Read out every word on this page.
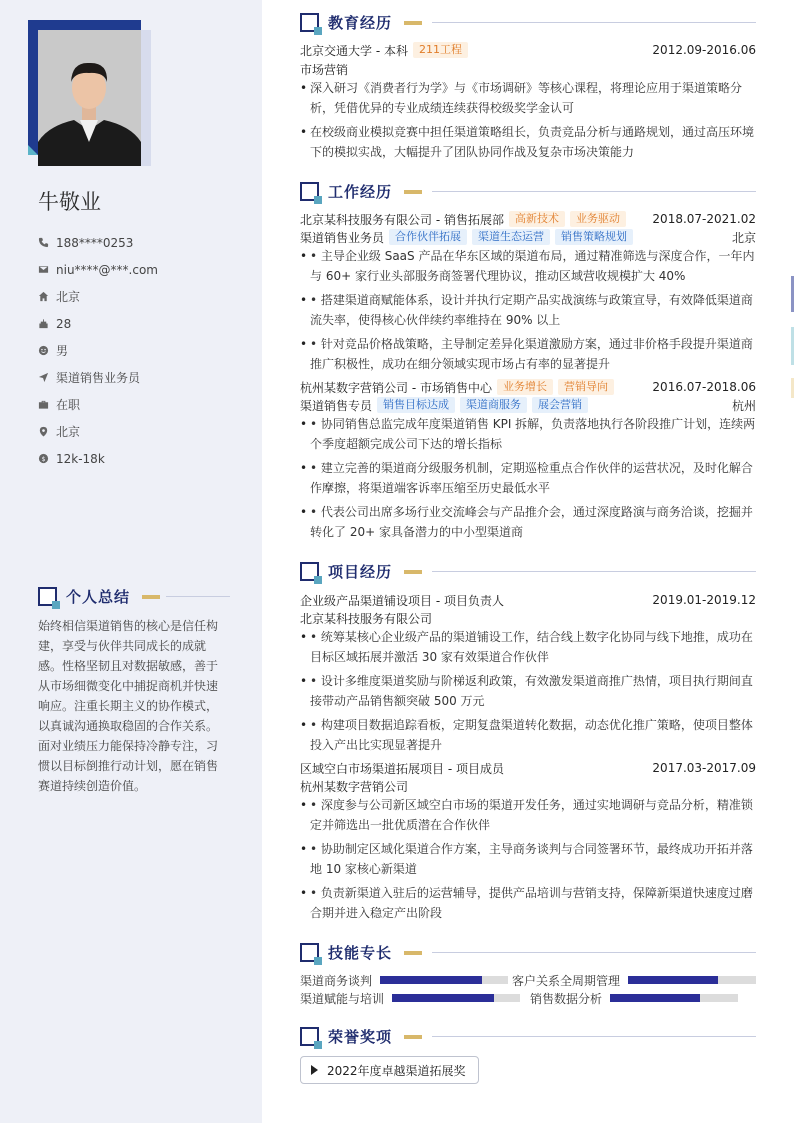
牛敬业
188****0253
niu****@***.com
北京
28
男
渠道销售业务员
在职
北京
$ 12k-18k
个人总结
始终相信渠道销售的核心是信任构建，享受与伙伴共同成长的成就感。性格坚韧且对数据敏感，善于从市场细微变化中捕捉商机并快速响应。注重长期主义的协作模式，以真诚沟通换取稳固的合作关系。面对业绩压力能保持冷静专注，习惯以目标倒推行动计划，愿在销售赛道持续创造价值。
教育经历
北京交通大学 - 本科	211工程	2012.09-2016.06
市场营销
• 深入研习《消费者行为学》与《市场调研》等核心课程，将理论应用于渠道策略分析，凭借优异的专业成绩连续获得校级奖学金认可
• 在校级商业模拟竞赛中担任渠道策略组长，负责竞品分析与通路规划，通过高压环境下的模拟实战，大幅提升了团队协同作战及复杂市场决策能力
工作经历
北京某科技服务有限公司 - 销售拓展部	高新技术	业务驱动	2018.07-2021.02
渠道销售业务员	合作伙伴拓展	渠道生态运营	销售策略规划	北京
• • 主导企业级 SaaS 产品在华东区域的渠道布局，通过精准筛选与深度合作，一年内与 60+ 家行业头部服务商签署代理协议，推动区域营收规模扩大 40%
• • 搭建渠道商赋能体系，设计并执行定期产品实战演练与政策宣导，有效降低渠道商流失率，使得核心伙伴续约率维持在 90% 以上
• • 针对竞品价格战策略，主导制定差异化渠道激励方案，通过非价格手段提升渠道商推广积极性，成功在细分领域实现市场占有率的显著提升
杭州某数字营销公司 - 市场销售中心	业务增长	营销导向	2016.07-2018.06
渠道销售专员	销售目标达成	渠道商服务	展会营销	杭州
• • 协同销售总监完成年度渠道销售 KPI 拆解，负责落地执行各阶段推广计划，连续两个季度超额完成公司下达的增长指标
• • 建立完善的渠道商分级服务机制，定期巡检重点合作伙伴的运营状况，及时化解合作摩擦，将渠道端客诉率压缩至历史最低水平
• • 代表公司出席多场行业交流峰会与产品推介会，通过深度路演与商务洽谈，挖掘并转化了 20+ 家具备潜力的中小型渠道商
项目经历
企业级产品渠道铺设项目 - 项目负责人	2019.01-2019.12
北京某科技服务有限公司
• • 统筹某核心企业级产品的渠道铺设工作，结合线上数字化协同与线下地推，成功在目标区域拓展并激活 30 家有效渠道合作伙伴
• • 设计多维度渠道奖励与阶梯返利政策，有效激发渠道商推广热情，项目执行期间直接带动产品销售额突破 500 万元
• • 构建项目数据追踪看板，定期复盘渠道转化数据，动态优化推广策略，使项目整体投入产出比实现显著提升
区域空白市场渠道拓展项目 - 项目成员	2017.03-2017.09
杭州某数字营销公司
• • 深度参与公司新区域空白市场的渠道开发任务，通过实地调研与竞品分析，精准锁定并筛选出一批优质潜在合作伙伴
• • 协助制定区域化渠道合作方案，主导商务谈判与合同签署环节，最终成功开拓并落地 10 家核心新渠道
• • 负责新渠道入驻后的运营辅导，提供产品培训与营销支持，保障新渠道快速度过磨合期并进入稳定产出阶段
技能专长
渠道商务谈判	客户关系全周期管理
渠道赋能与培训	销售数据分析
荣誉奖项
2022年度卓越渠道拓展奖
